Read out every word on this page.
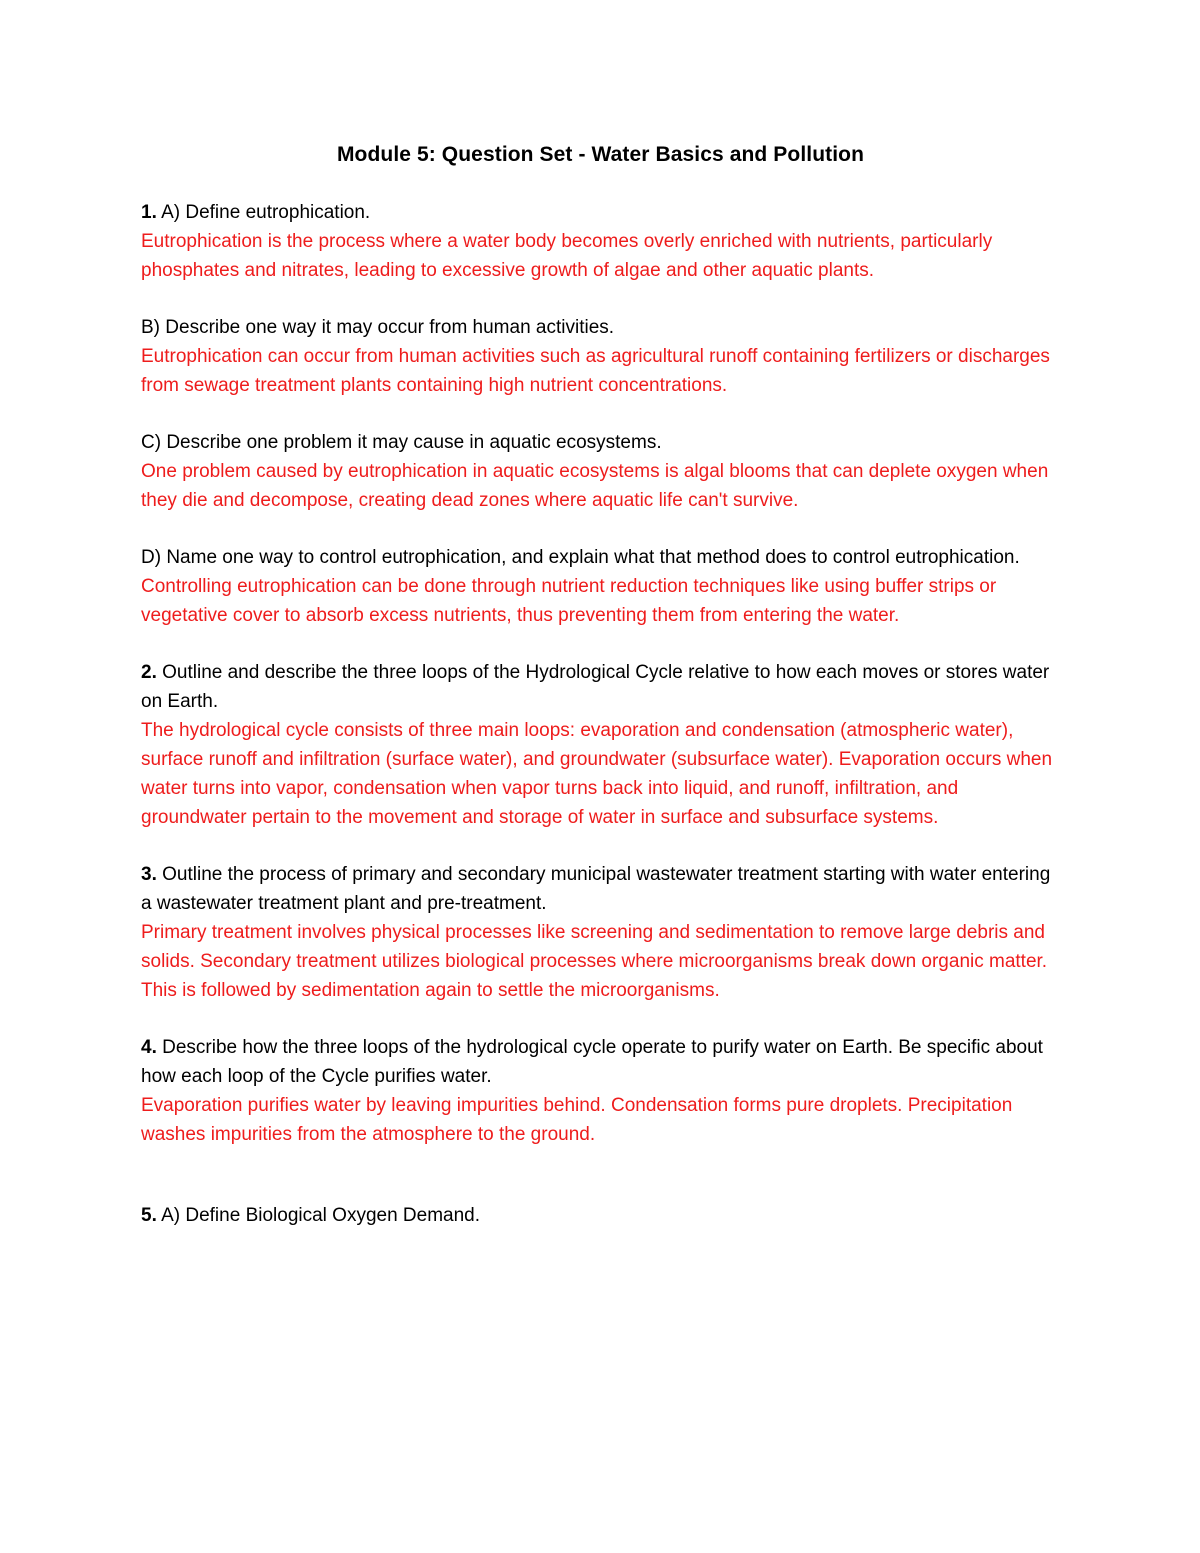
Module 5: Question Set - Water Basics and Pollution

1. A) Define eutrophication.

Eutrophication is the process where a water body becomes overly enriched with nutrients, particularly phosphates and nitrates, leading to excessive growth of algae and other aquatic plants.

B) Describe one way it may occur from human activities.

Eutrophication can occur from human activities such as agricultural runoff containing fertilizers or discharges from sewage treatment plants containing high nutrient concentrations.

C) Describe one problem it may cause in aquatic ecosystems.

One problem caused by eutrophication in aquatic ecosystems is algal blooms that can deplete oxygen when they die and decompose, creating dead zones where aquatic life can't survive.

D) Name one way to control eutrophication, and explain what that method does to control eutrophication.

Controlling eutrophication can be done through nutrient reduction techniques like using buffer strips or vegetative cover to absorb excess nutrients, thus preventing them from entering the water.

2. Outline and describe the three loops of the Hydrological Cycle relative to how each moves or stores water on Earth.

The hydrological cycle consists of three main loops: evaporation and condensation (atmospheric water), surface runoff and infiltration (surface water), and groundwater (subsurface water). Evaporation occurs when water turns into vapor, condensation when vapor turns back into liquid, and runoff, infiltration, and groundwater pertain to the movement and storage of water in surface and subsurface systems.

3. Outline the process of primary and secondary municipal wastewater treatment starting with water entering a wastewater treatment plant and pre-treatment.

Primary treatment involves physical processes like screening and sedimentation to remove large debris and solids. Secondary treatment utilizes biological processes where microorganisms break down organic matter. This is followed by sedimentation again to settle the microorganisms.

4. Describe how the three loops of the hydrological cycle operate to purify water on Earth. Be specific about how each loop of the Cycle purifies water.

Evaporation purifies water by leaving impurities behind. Condensation forms pure droplets. Precipitation washes impurities from the atmosphere to the ground.

5. A) Define Biological Oxygen Demand.
